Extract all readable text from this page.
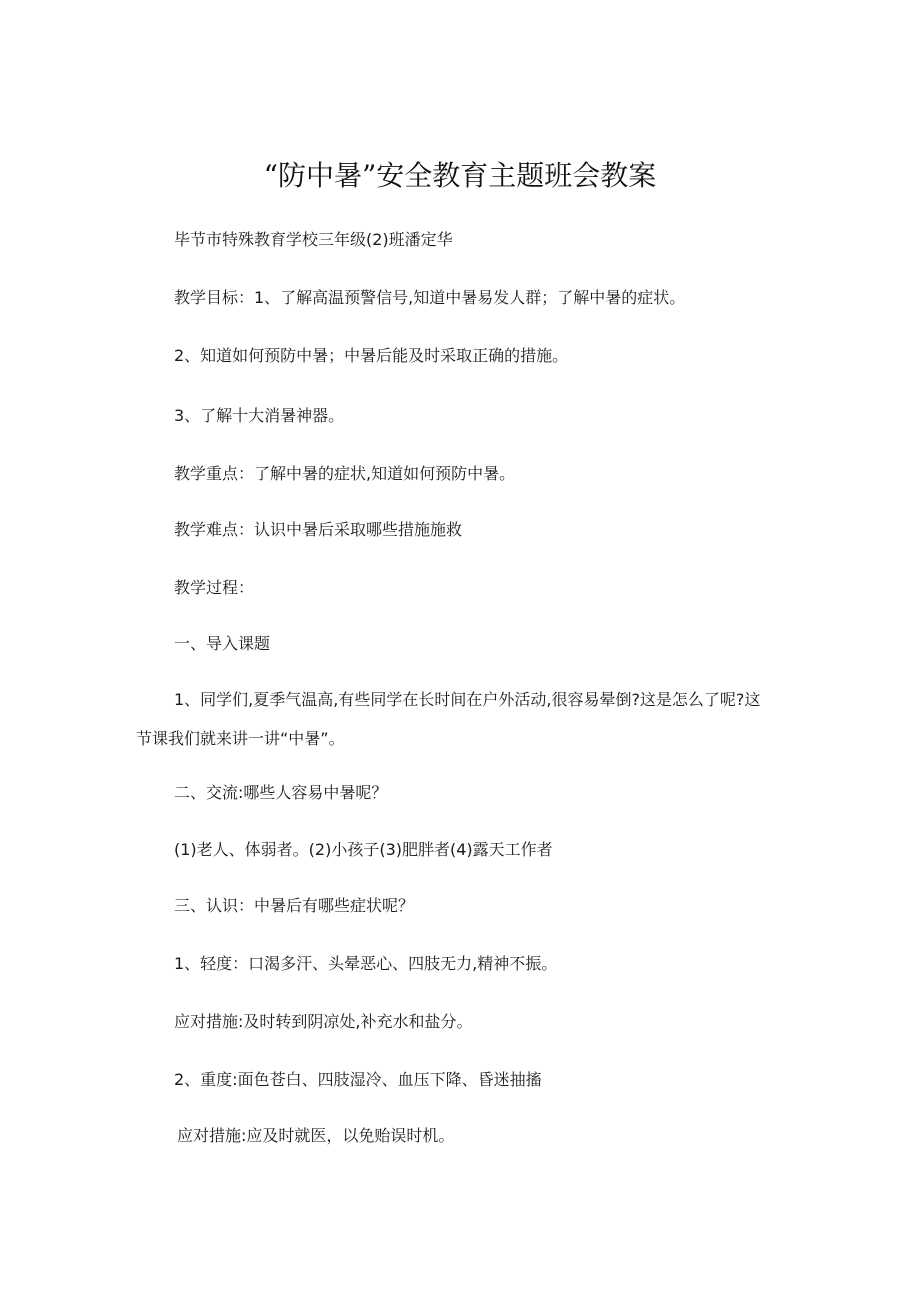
“防中暑”安全教育主题班会教案
毕节市特殊教育学校三年级(2)班潘定华
教学目标：1、了解高温预警信号,知道中暑易发人群；了解中暑的症状。
2、知道如何预防中暑；中暑后能及时采取正确的措施。
3、了解十大消暑神器。
教学重点：了解中暑的症状,知道如何预防中暑。
教学难点：认识中暑后采取哪些措施施救
教学过程：
一、导入课题
1、同学们,夏季气温高,有些同学在长时间在户外活动,很容易晕倒?这是怎么了呢?这节课我们就来讲一讲“中暑”。
二、交流:哪些人容易中暑呢？
(1)老人、体弱者。(2)小孩子(3)肥胖者(4)露天工作者
三、认识：中暑后有哪些症状呢？
1、轻度：口渴多汗、头晕恶心、四肢无力,精神不振。
应对措施:及时转到阴凉处,补充水和盐分。
2、重度:面色苍白、四肢湿冷、血压下降、昏迷抽搐
应对措施:应及时就医，以免贻误时机。
